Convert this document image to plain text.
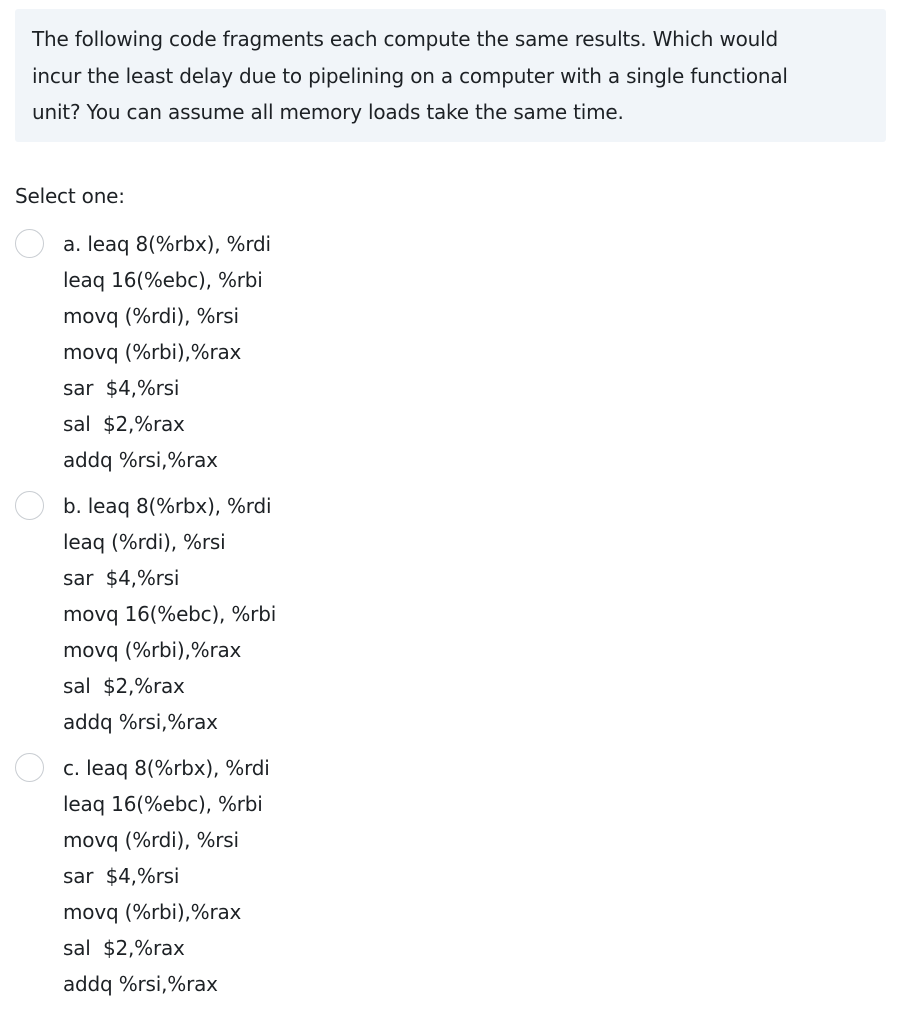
The following code fragments each compute the same results. Which would
incur the least delay due to pipelining on a computer with a single functional
unit? You can assume all memory loads take the same time.

Select one:
a. leaq 8(%rbx), %rdi
leaq 16(%ebc), %rbi
movq (%rdi), %rsi
movq (%rbi),%rax
sar  $4,%rsi
sal  $2,%rax
addq %rsi,%rax
b. leaq 8(%rbx), %rdi
leaq (%rdi), %rsi
sar  $4,%rsi
movq 16(%ebc), %rbi
movq (%rbi),%rax
sal  $2,%rax
addq %rsi,%rax
c. leaq 8(%rbx), %rdi
leaq 16(%ebc), %rbi
movq (%rdi), %rsi
sar  $4,%rsi
movq (%rbi),%rax
sal  $2,%rax
addq %rsi,%rax
